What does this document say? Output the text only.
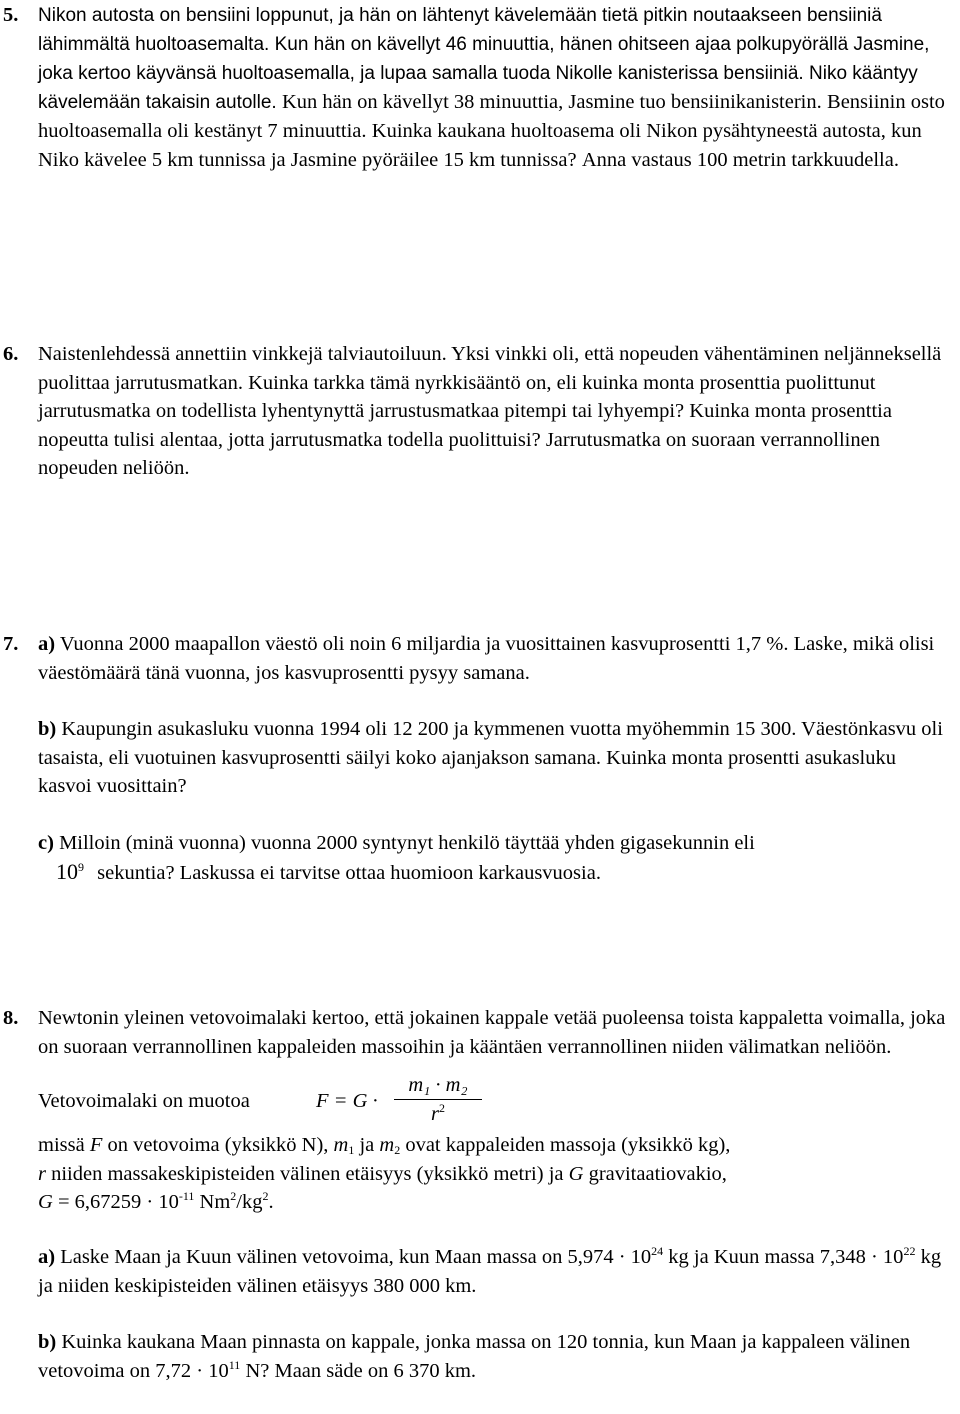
5. Nikon autosta on bensiini loppunut, ja hän on lähtenyt kävelemään tietä pitkin noutaakseen bensiiniä lähimmältä huoltoasemalta. Kun hän on kävellyt 46 minuuttia, hänen ohitseen ajaa polkupyörällä Jasmine, joka kertoo käyvänsä huoltoasemalla, ja lupaa samalla tuoda Nikolle kanisterissa bensiiniä. Niko kääntyy kävelemään takaisin autolle. Kun hän on kävellyt 38 minuuttia, Jasmine tuo bensiinikanisterin. Bensiinin osto huoltoasemalla oli kestänyt 7 minuuttia. Kuinka kaukana huoltoasema oli Nikon pysähtyneestä autosta, kun Niko kävelee 5 km tunnissa ja Jasmine pyöräilee 15 km tunnissa? Anna vastaus 100 metrin tarkkuudella.
6. Naistenlehdessä annettiin vinkkejä talviautoiluun. Yksi vinkki oli, että nopeuden vähentäminen neljänneksellä puolittaa jarrutusmatkan. Kuinka tarkka tämä nyrkkisääntö on, eli kuinka monta prosenttia puolittunut jarrutusmatka on todellista lyhentynyttä jarrustusmatkaa pitempi tai lyhyempi? Kuinka monta prosenttia nopeutta tulisi alentaa, jotta jarrutusmatka todella puolittuisi? Jarrutusmatka on suoraan verrannollinen nopeuden neliöön.
7. a) Vuonna 2000 maapallon väestö oli noin 6 miljardia ja vuosittainen kasvuprosentti 1,7 %. Laske, mikä olisi väestömäärä tänä vuonna, jos kasvuprosentti pysyy samana.

b) Kaupungin asukasluku vuonna 1994 oli 12 200 ja kymmenen vuotta myöhemmin 15 300. Väestönkasvu oli tasaista, eli vuotuinen kasvuprosentti säilyi koko ajanjakson samana. Kuinka monta prosentti asukasluku kasvoi vuosittain?

c) Milloin (minä vuonna) vuonna 2000 syntynyt henkilö täyttää yhden gigasekunnin eli
$10^9$ sekuntia? Laskussa ei tarvitse ottaa huomioon karkausvuosia.

8. Newtonin yleinen vetovoimalaki kertoo, että jokainen kappale vetää puoleensa toista kappaletta voimalla, joka on suoraan verrannollinen kappaleiden massoihin ja kääntäen verrannollinen niiden välimatkan neliöön.

Vetovoimalaki on muotoa	F = G ·
m₁ · m₂
$r^2$

missä F on vetovoima (yksikkö N), $m_1$ ja $m_2$ ovat kappaleiden massoja (yksikkö kg),
r niiden massakeskipisteiden välinen etäisyys (yksikkö metri) ja G gravitaatiovakio,
$G = 6,67259 \cdot 10^{-11}$ $Nm^2/kg^2$.

a) Laske Maan ja Kuun välinen vetovoima, kun Maan massa on $5,974 \cdot 10^{24}$ kg ja Kuun massa $7,348 \cdot 10^{22}$ kg ja niiden keskipisteiden välinen etäisyys 380 000 km.

b) Kuinka kaukana Maan pinnasta on kappale, jonka massa on 120 tonnia, kun Maan ja kappaleen välinen vetovoima on $7,72 \cdot 10^{11}$ N? Maan säde on 6 370 km.
